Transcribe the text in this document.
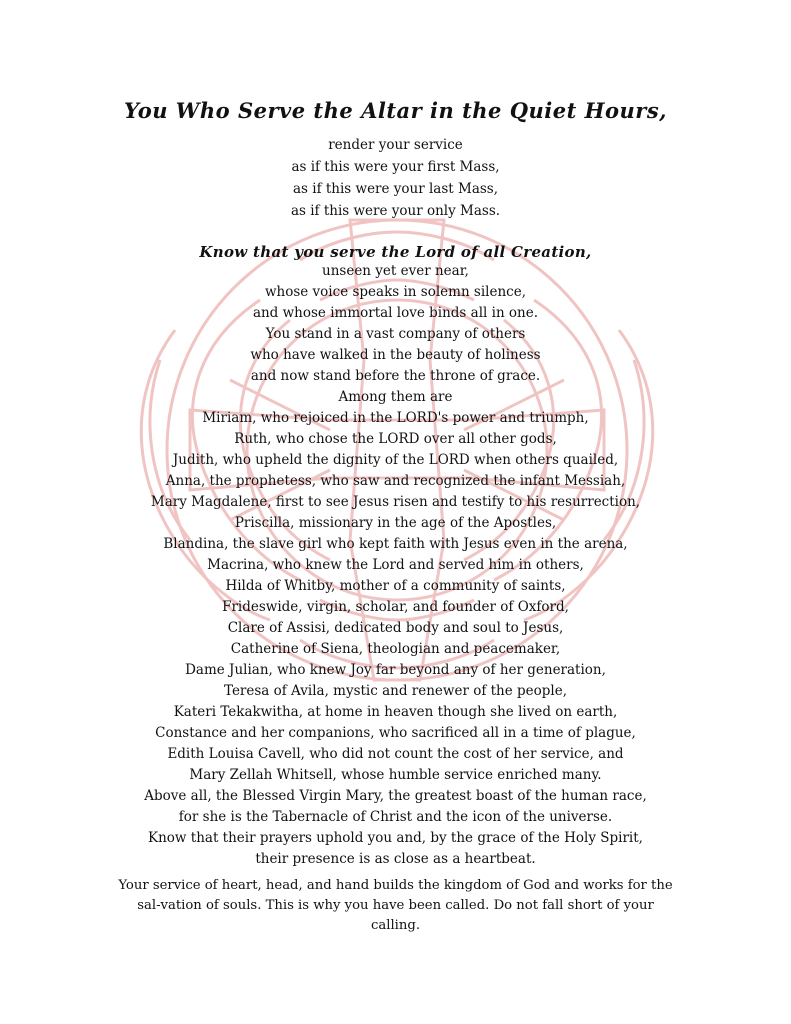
You Who Serve the Altar in the Quiet Hours,
render your service
as if this were your first Mass,
as if this were your last Mass,
as if this were your only Mass.
Know that you serve the Lord of all Creation,
unseen yet ever near,
whose voice speaks in solemn silence,
and whose immortal love binds all in one.
You stand in a vast company of others
who have walked in the beauty of holiness
and now stand before the throne of grace.
Among them are
Miriam, who rejoiced in the LORD's power and triumph,
Ruth, who chose the LORD over all other gods,
Judith, who upheld the dignity of the LORD when others quailed,
Anna, the prophetess, who saw and recognized the infant Messiah,
Mary Magdalene, first to see Jesus risen and testify to his resurrection,
Priscilla, missionary in the age of the Apostles,
Blandina, the slave girl who kept faith with Jesus even in the arena,
Macrina, who knew the Lord and served him in others,
Hilda of Whitby, mother of a community of saints,
Frideswide, virgin, scholar, and founder of Oxford,
Clare of Assisi, dedicated body and soul to Jesus,
Catherine of Siena, theologian and peacemaker,
Dame Julian, who knew Joy far beyond any of her generation,
Teresa of Avila, mystic and renewer of the people,
Kateri Tekakwitha, at home in heaven though she lived on earth,
Constance and her companions, who sacrificed all in a time of plague,
Edith Louisa Cavell, who did not count the cost of her service, and
Mary Zellah Whitsell, whose humble service enriched many.
Above all, the Blessed Virgin Mary, the greatest boast of the human race,
for she is the Tabernacle of Christ and the icon of the universe.
Know that their prayers uphold you and, by the grace of the Holy Spirit,
their presence is as close as a heartbeat.
Your service of heart, head, and hand builds the kingdom of God and works for the sal-vation of souls. This is why you have been called. Do not fall short of your calling.
